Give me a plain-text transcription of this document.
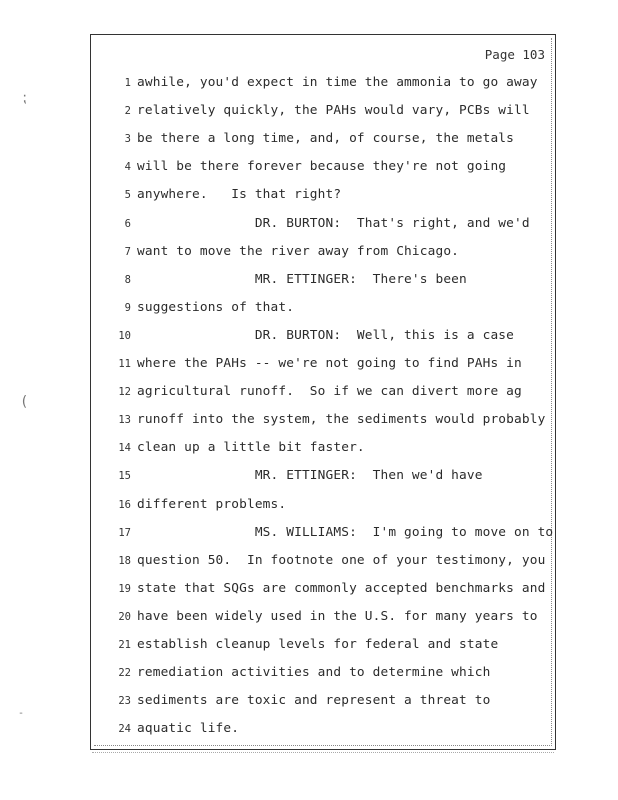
Page 103
1 awhile, you'd expect in time the ammonia to go away
2 relatively quickly, the PAHs would vary, PCBs will
3 be there a long time, and, of course, the metals
4 will be there forever because they're not going
5 anywhere.   Is that right?
6 DR. BURTON:  That's right, and we'd
7 want to move the river away from Chicago.
8 MR. ETTINGER:  There's been
9 suggestions of that.
10 DR. BURTON:  Well, this is a case
11 where the PAHs -- we're not going to find PAHs in
12 agricultural runoff.  So if we can divert more ag
13 runoff into the system, the sediments would probably
14 clean up a little bit faster.
15 MR. ETTINGER:  Then we'd have
16 different problems.
17 MS. WILLIAMS:  I'm going to move on to
18 question 50.  In footnote one of your testimony, you
19 state that SQGs are commonly accepted benchmarks and
20 have been widely used in the U.S. for many years to
21 establish cleanup levels for federal and state
22 remediation activities and to determine which
23 sediments are toxic and represent a threat to
24 aquatic life.
⁏
(
-
